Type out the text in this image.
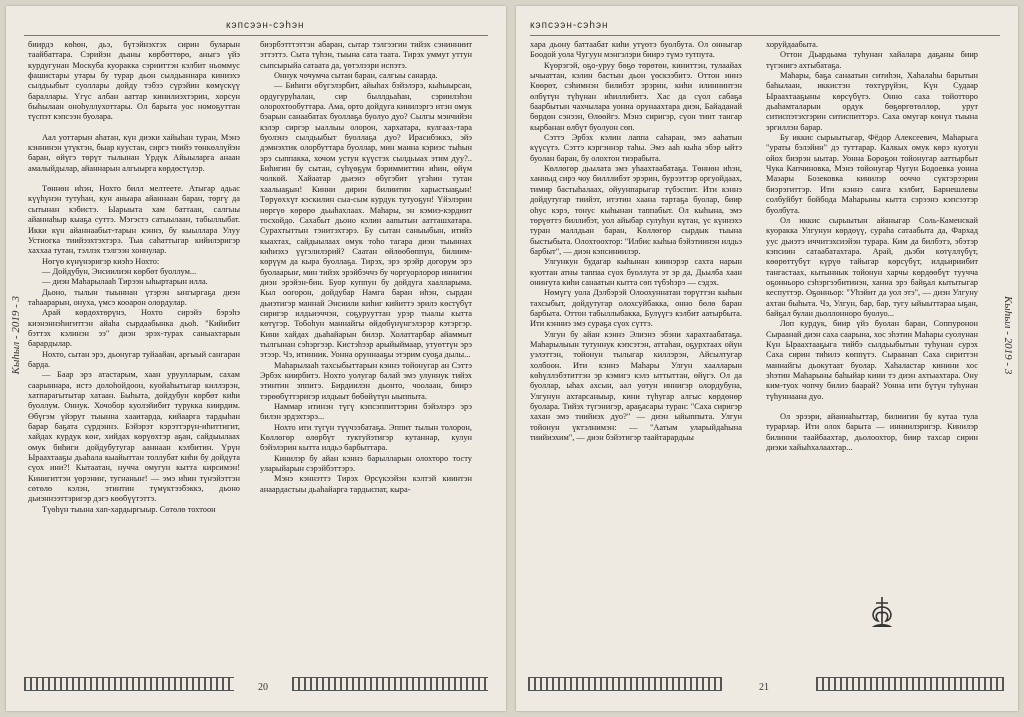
кэпсээн-сэhэн
Кыhыл - 2019 - 3

биирдэ көһөн, дьэ, бүтэйнэхтэх сирин буларын таайбаттара. Сэрийэн дьаны көрбөттөрө, аныгэ үйэ курдугунан Москуба куоракка сэрииттэн кэлбит ньоммус фашистары утары бу турар дьон сылдьаннара киниэхэ сылдьыбыт суоллары дойду тэбээ сүрэйин көмүскүү бараллары. Үгүс албан ааттар кинилиэхтэрин, хорсун быһылаан оноһуллухоттары. Ол барыта уос номоҕуттан түспэт кэпсээн буолара.

Аал уоттарын аһатан, күн диэки хайыһан туран, Мэнэ кэннинэн үтүктэн, быар куустан, сиргэ тиийэ төнкөллүйэн баран, өйүгэ төрүт тылынан Үрдүк Айыыларга анаан амалыйдылар, айаннарын алгыырга көрдөстүлэр.

Төннөн иһэн, Нохто билл мелтеете. Атыгар адьас күүһүнэн тутуһан, кун аныара айаннаан баран, төргү да сытынан кэбистэ. Ыарыыта хам баттаан, салгыы айаннаһыр кыаҕа суттэ. Мэгэстэ сатыылаан, табыллыбат. Икки күн айаннаабыт-тарын кэннэ, бу кыыллара Улуу Устиогка тиийээхтэхтэрэ. Тыа саһаттыгар кийилэригэр хаххаа тутан, тэллэх тэлгээн хоннулар.

Нөгүө күнүнэригэр киэһэ Нохто:

— Дойдубун, Энсиилиэн көрбөт буоллум...

— диэн Маһарылааһ Тирээн ыһыртарын илла.

Дьоно, тылын тыыннан үтэрэн ынгыргаҕа диэн таһаарарын, онуха, үмсэ кооарон олордулар.

Арай көрдөхтөрүнэ, Нохто сирэйэ бэрэһэ киэнэннэһигиттэн айаһа сырдаабынка дьоһ. "Кийибит бэттэх кэлинэн ээ" диэн эрэх-турах саныахтарын барардылар.

Нохто, сытан эрэ, дьонугар туйаайан, аргыый сангаран барда.

— Баар эрэ атастарым, хаан уруулларым, сахам саарыннара, истэ долоһойдоон, куойаһытыгар киллэрэн, хатпарагытытар хатаан. Быһыта, дойдубун көрбөт киһи буоллум. Оннук. Хочобор куолэйибит турукка киирдим. Өбүгэм үйэрут тыынна хааитарда, кийаарга тардыһан барар баҕата сүрдэннэ. Бэйэрэт кэрэттэрүн-иһиттигит, хайдах курдук көҥ, хийдах көрүөхтэр аҕан, сайдыылаах омук биһиги дойдубутугар ааннаан кэлбитин. Үрүн Ыраахтааҕы дьаһала кыайыттан толлубат киһи бу дойдута сүох ини?! Кытаатан, нучча омугун кытта кирсимэн! Кинигиттэн үөрэниҥ, тугнаныҥ! — эмэ иһин түҥэйэттэн сөтөлө кэлэн, этинтин түмүктээбэккэ, дьоно дьиэннээттэригэр дэгэ көөбүүтэттэ.

Түөһүн тыына хап-хардыргыыр. Сөтөлө тохтоон

биэрбэтттэттэн абаран, сытар тэлгээгин тийэх сэнинниит эттэттэ. Сыта түһэн, тыына сата таата. Тирэх уммут уттун сыпсырыйа сатаата да, үөтэлээри испэтэ.

Оннук чочумча сытан баран, салгыы санарда.

— Биһиги өбүгэлэрбит, айыһах бэйэлэрэ, кыһыырсан, ордугуруһалан, сир быллдьаһан, сэриилэһэн олорохтообуттара. Ама, орто дойдуга кинилэргэ итэн омук бэарын санаабатах буоллаҕа буолуо дуо? Сылгы мэнчийэн кэлэр сиргэр ыаллыы олорон, хархатара, кулгаах-тара буолэнэ сылдьыбыт буоллаҕа дуо? Ирасибэккэ, эйэ дэмнэхтик олорбуттара буоллар, мин манна кэриэс тыһын эрэ сыппакка, хочом устун күүстэх сылдьыах этим дуу?.. Биһигин бу сытан, сүһүөҕүм бэриммиттин иһин, өйүм чолкөй. Хайаатар дьиэнэ өбүгэбит үгэһин тутан хаалыаҕын! Кинни дирин билиитин харыстыаҕын! Төрүөххүт кэскилин сыа-сым курдук тутуоҕун! Үйэлэрин нөргүө көрөрө дьыһахлаах. Маһары, эн кэмиэ-кэрдиит тосхойдо. Сахабыт дьоно кэлин аапытын аатташхатара. Сурахтыттын тэнитэхтэрэ. Бу сытан саныыбын, итийэ кыахтах, сайдыылаах омук тоһо тагара диэн тыыннах киһиэхэ үүгэлилэрий? Саатан өйлөөбөппүн, билиим-көрүүм да кыра буоллаҕа. Тирэх, эрэ эрэйр догорум эрэ буолаарыҥ, мин тийэх эрэйбэччэ бу чоргуорлорор иннигин диэн эрэйэн-бин. Буор куппун бу дойдуга хаалларыма. Кыл оогорон, дойдубар Намга баран иһэн, сырдан дьиэтигэр маннай Энсиили киһиг кийиттэ эрилэ көстүбүт сиригэр илдьиэччэн, соҕурууттан урэр тыалы кытта көтүгэр. Тобоһун маннайгы өйдөбүнүнгэлэрэр кэтэргэр. Кини хайдах дьаһайарын билэр. Холаттарбар айаммыт тылгынан сэһэргээр. Кистэһээр арыйыймаар, утуөттүн эрэ этээр. Чэ, итинник. Уонна оруннааҕы этэрим суоҕа дылы...

Маһарылааһ тахсыбыттарын кэннэ тойонугар ан Сэттэ Эрбэх киирбитэ. Нохто уолугар балай эмэ улуннук тийэх этинтин эппитэ. Бирдиилэн дьонто, чоолаан, биирэ тэрөөбүттэригэр илдыыт бөбөйүтүн ыыппыта.

Наммар итинэн түгү кэпсэппиттэрин бэйэлэрэ эрэ билэн эрдэхтэрэ...

Нохто ити түгүн түүчээбатаҕа. Эппит тылын толорон, Көллөгөр өлөрбүт туктуйэтигэр кутаннар, кулун бэйэлэрин кытта илдьэ барбыттара.

Кинилэр бу айан кэннэ барылларын олохторо тосту уларыйарын сэрэйбэттэрэ.

Мэнэ кэннэттэ Тирэх Өрсүкээйэн кэлтэй киинтэн анаардастыы дьаһайарга тардыспат, кыра-

20
кэпсээн-сэhэн
Кыhыл - 2019 - 3

хара дьону баттаабат киһи утүөтэ буолбута. Ол онныгар Боодой уола Чугуун мэнгэлэри биирэ түмэ тутпута.

Күөрэгэй, оҕо-уруу бөҕө төрөтөн, киниттэн, тулаайах ычыаттан, кэлин бастын дьон үөскээбитэ. Оттон иннэ Көөрөт, сэһимнэн билибэт эрэрин, киһи илиннинтэн өлбүтүн түһүнан иһиллибитэ. Хас да сүол сабаҕа баарбытын чахчылара уонна орунаахтара диэн, Байаданай бөрдөн сэнээн, Өлөөйгэ. Мэнэ сиригэр, сүон тинт тангар кырбанан өлбүт буолуон сөп.

Сэттэ Эрбэх кэлин лаппа саһаран, эмэ ааһатын күүсүтэ. Сэттэ кэргэннэр таһы. Эмэ ааһ кыһа эбэр ыйтэ буолан баран, бу олохтон тиэрабыта.

Көллөгөр дьылата эмэ уһаахтаабатаҕа. Төннөн иһэн, ханныд сирэ чоу билллибэт эрэрин, бурээттэр оргуойдаах, тимир бастыһалаах, ойуунпарыгар түбэспит. Ити кэннэ дойдутугар тиийэт, итэтин хаана тартаҕа буолар, биир оһус кэрэ, тонус кыһынан таппабыт. Ол кыһына, эмэ төрүөттэ биллибэт, уол айыбар сулуһун күтан, үс күннэхэ туран маллдьан баран, Көллөгөр сырдык тыына быстыбыта. Олохтоохтор: "Илбис кыһыа бэйэтиинэн илдьэ барбыт", — диэн кэпсиниилэр.

Улгункун будагар кыһынан киинэрэр сахта нарын куоттан атны таппаа сүох буоллута эт эр да, Дьылба хаан ониҥута киһи санаатын кытта сөп түбэһэрэ — сэдэх.

Нөмүгү уола Дэлбэрэй Олоохуннатан төрүттэн кыһын тахсыбыт, дойдутугар олохсуйбакка, онно бөлө баран барбыта. Оттон табыллыбакка, Булүүгэ кэлбит аатырбыта. Ити кэнниэ эмэ сураҕа сүох сүттэ.

Улгун бу айан кэннэ Элиэнэ эбэни харахтаабатаҕа. Маһарылыын тутуннук кэпсэтэн, аттаһан, оҕурхтаах ойун уэлэттэн, тойонун тылыгар киллэрэн, Айсылтугар холбоон. Ити кэннэ Маһары Улгун хаалларын көһүллэбэтиттэн эр кэмигэ кэлэ ыттыттан, өйүгэ. Ол да буоллар, ыһах ахсын, аал уотун иннигэр олордубуна, Улгунун ахтарсаныыр, кини түһугар алгыс көрдөнөр буолара. Тийэх түгэнигэр, араҕасары туран: "Саха сиригэр хахан эмэ тиийиэх дуо?" — диэн ыйыппыта. Улгун тойонун үктэлнимэн: — "Аатым уларыйдаһына тиийиэхим", — диэн бэйэтигэр таайтарардыы

хоруйдаабыта.

Оттон Дьардьама туһунан хайалара даҕаны биир түгэнигэ ахтыбатаҕа.

Маһары, баҕа санаатын ситиһэн, Хаһалаһы барытын баһылаан, иккистэн төхтүрүйэн, Күн Судаар Ыраахтааҕыны көрсүбүтэ. Онно саха тойотторо дьаһамталарын ордук бөҕөргөтөллөр, урут ситиспэтэхтэрин ситиспиттэрэ. Саха омугар көнүл тыына эргиллэн барар.

Бу иккис сырыытыгар, Фёдор Алексеевич, Маһарыга "ураты бэлэйин" дэ туттарар. Калкых омук көрэ куотун ойох биэрэн ыытар. Уонна Бороҕон тойонугар ааттырбыт Чука Капчиновка, Мэнэ тойонугар Чугун Бодоевка уонна Мазары Бозековка кинилэр ооччо сүктэрээрин биэрэгиттэр. Ити кэннэ санга кэлбит, Барнешлевы солбуйбут бойбода Маһарыны кытта сэрээнэ кэпсээтэр буолбута.

Ол иккис сырыытын айаныгар Соль-Каменскай куоракка Улгунун көрдөүү, сураһа сатаабыта да, Фархад уус дьиэтэ иччитэхсиэйэн турара. Ким да билбэтэ, эбэтэр кэпсиин сатаабатахтара. Арай, дьэби көтүллүбүт, көөрөттүбүт күрүө тайыгар көрсүбүт, илдьириибит тангастаах, кытыннык тойонун харчы көрдөөбүт туучча оҕонньоро сэһэргээбитинэн, ханна эрэ байҕал кытытыгар кеспуттэр. Оҕонньор: "Уһэйит да уол этэ", — диэн Улгуну ахтан быһыта. Чэ, Улгун, бар, бар, тугу ыйыыттараа ыҕан, байҕал булан дьоллонноро буолуо...

Лоп курдук, биир үйэ буолан баран, Соппуронон Сыраанай диэн саха саарына, хос эһэтин Маһары суолунан Күн Ыраахтааҕыга тийбэ сылдьыбытын туһунан сурэх Саха сирин тиһилэ көппүтэ. Сыраанап Саха сириттэн маннайгы дьокутаат буолар. Хаһаластар кинини хос эһэтин Маһарыны баһыйар кини тэ диэн ахтыахтара. Ону ким-туох чопчу билиэ баарай? Уонна ити бүтүн туһунан түһуннаана дуо.

Ол эрээри, айаннаһыттар, билиигин бу кутаа тула турарлар. Ити олох барыта — инниилэригэр. Кинилэр билинни таайбаахтар, дьолоохтор, биир тахсар сирин диэки хайыһхалаахтар...

21
